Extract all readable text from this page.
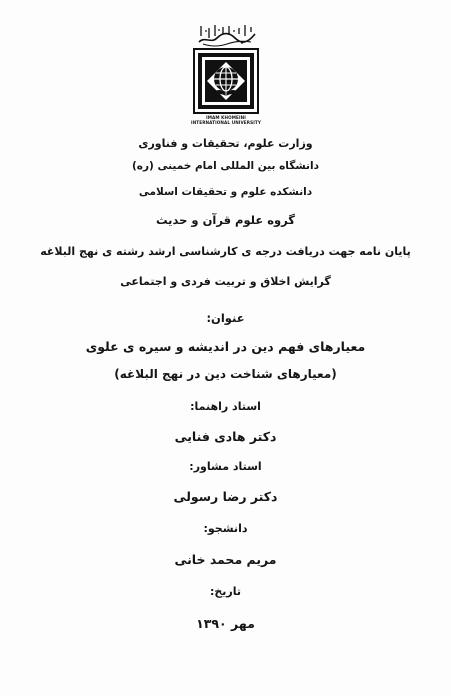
IMAM KHOMEINI
INTERNATIONAL UNIVERSITY
وزارت علوم، تحقیقات و فناوری
دانشگاه بین المللی امام خمینی (ره)
دانشکده علوم و تحقیقات اسلامی
گروه علوم قرآن و حدیث
پایان نامه جهت دریافت درجه ی کارشناسی ارشد رشته ی نهج البلاغه
گرایش اخلاق و تربیت فردی و اجتماعی
عنوان:
معیارهای فهم دین در اندیشه و سیره ی علوی
(معیارهای شناخت دین در نهج البلاغه)
استاد راهنما:
دکتر هادی فنایی
استاد مشاور:
دکتر رضا رسولی
دانشجو:
مریم محمد خانی
تاریخ:
مهر ۱۳۹۰
